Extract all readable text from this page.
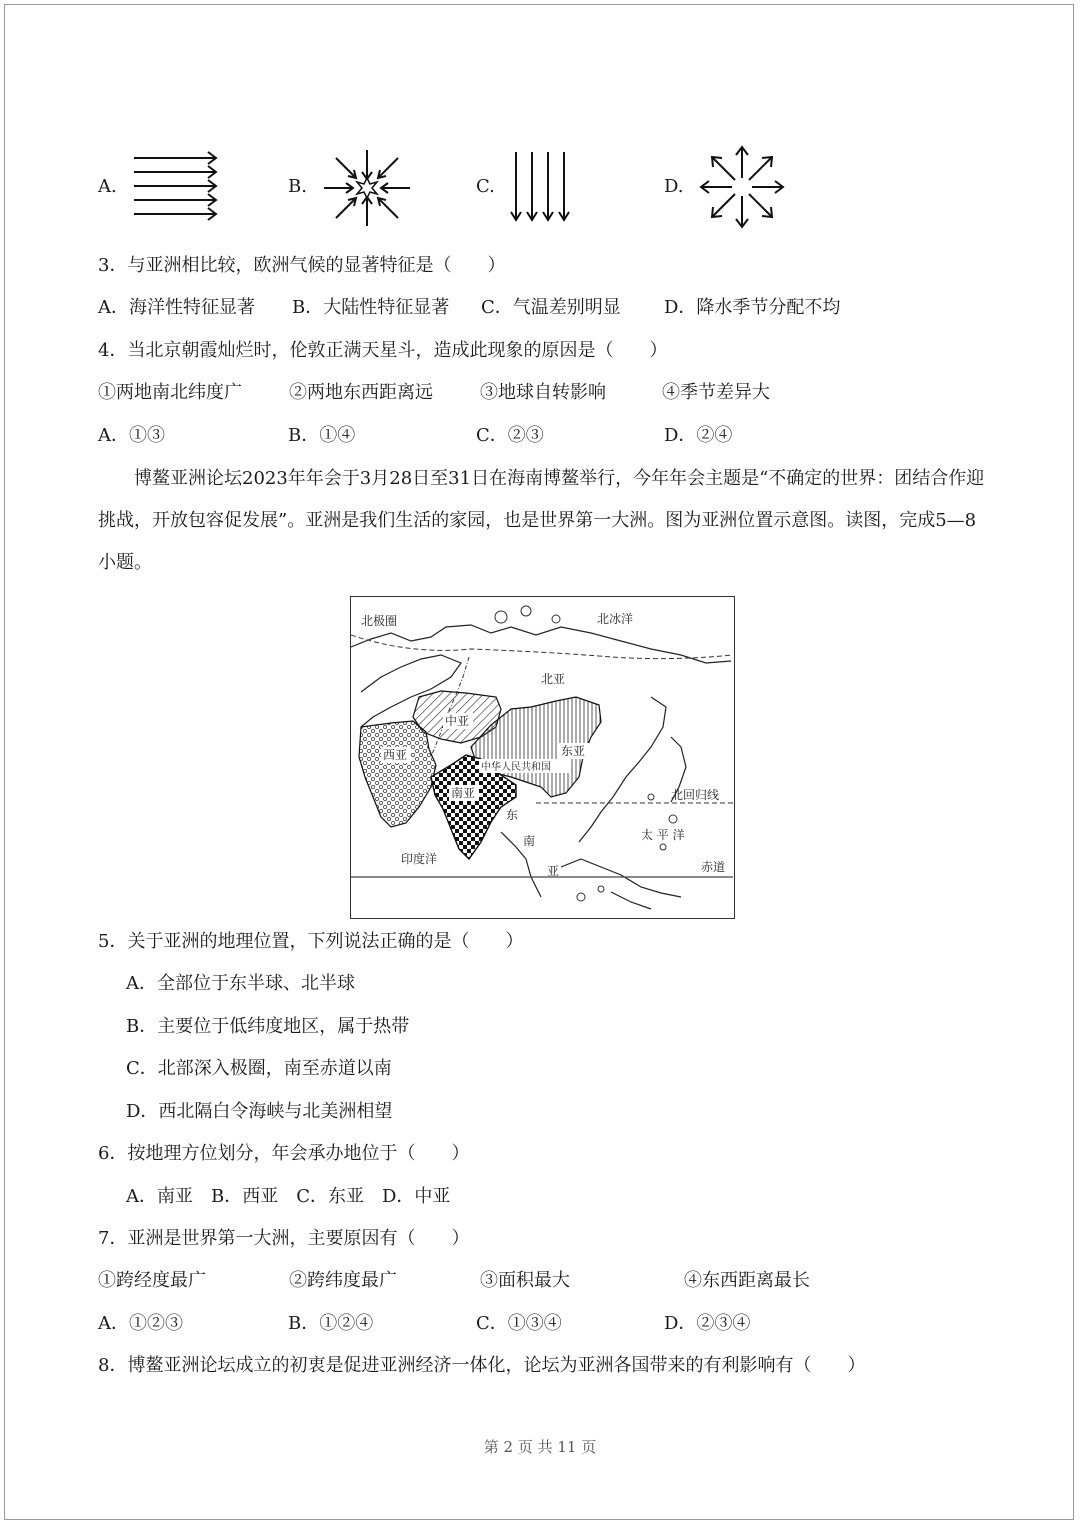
A.	B.	C.	D.
3．与亚洲相比较，欧洲气候的显著特征是（　　）
A．海洋性特征显著 B．大陆性特征显著 C．气温差别明显 D．降水季节分配不均
4．当北京朝霞灿烂时，伦敦正满天星斗，造成此现象的原因是（　　）
①两地南北纬度广	②两地东西距离远	③地球自转影响	④季节差异大
A．①③	B．①④	C．②③	D．②④
博鳌亚洲论坛2023年年会于3月28日至31日在海南博鳌举行，今年年会主题是“不确定的世界：团结合作迎挑战，开放包容促发展”。亚洲是我们生活的家园，也是世界第一大洲。图为亚洲位置示意图。读图，完成5—8小题。
北极圈	北冰洋
北亚
中亚
西亚	东亚
中华人民共和国
南亚	北回归线
东
南
亚
太 平 洋
印度洋
赤道
5．关于亚洲的地理位置，下列说法正确的是（　　）
A．全部位于东半球、北半球
B．主要位于低纬度地区，属于热带
C．北部深入极圈，南至赤道以南
D．西北隔白令海峡与北美洲相望
6．按地理方位划分，年会承办地位于（　　）
A．南亚　B．西亚　C．东亚　D．中亚
7．亚洲是世界第一大洲，主要原因有（　　）
①跨经度最广	②跨纬度最广	③面积最大	④东西距离最长
A．①②③	B．①②④	C．①③④	D．②③④
8．博鳌亚洲论坛成立的初衷是促进亚洲经济一体化，论坛为亚洲各国带来的有利影响有（　　）
第 2 页 共 11 页
